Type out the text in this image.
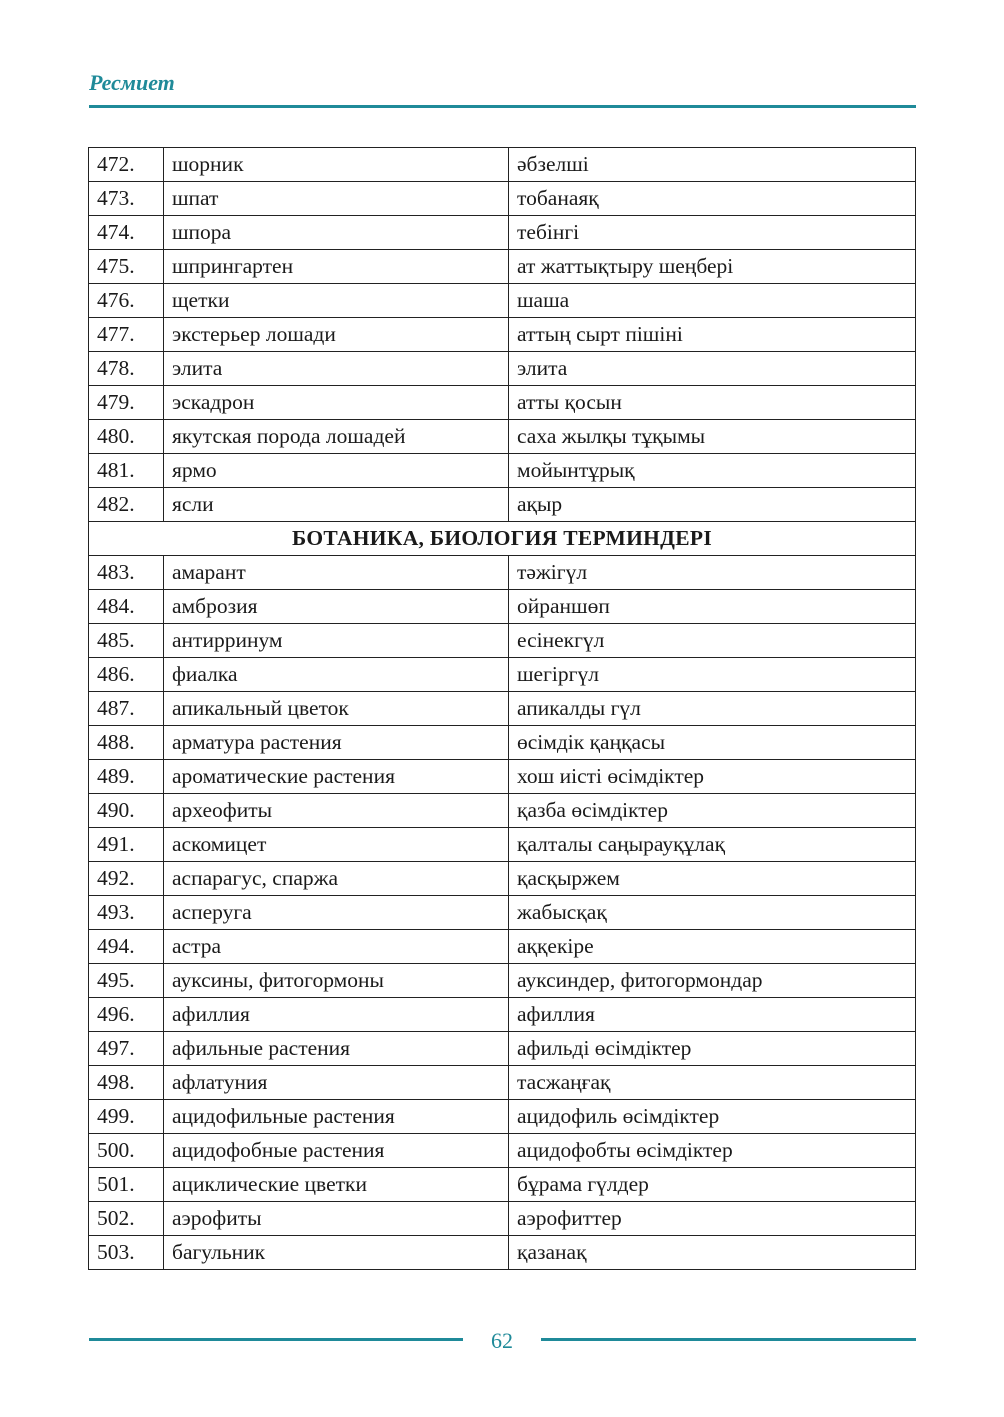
Ресмиет
472.	шорник	әбзелші
473.	шпат	тобанаяқ
474.	шпора	тебінгі
475.	шпрингартен	ат жаттықтыру шеңбері
476.	щетки	шаша
477.	экстерьер лошади	аттың сырт пішіні
478.	элита	элита
479.	эскадрон	атты қосын
480.	якутская порода лошадей	саха жылқы тұқымы
481.	ярмо	мойынтұрық
482.	ясли	ақыр
БОТАНИКА, БИОЛОГИЯ ТЕРМИНДЕРІ		
483.	амарант	тәжігүл
484.	амброзия	ойраншөп
485.	антирринум	есінекгүл
486.	фиалка	шегіргүл
487.	апикальный цветок	апикалды гүл
488.	арматура растения	өсімдік қаңқасы
489.	ароматические растения	хош иісті өсімдіктер
490.	археофиты	қазба өсімдіктер
491.	аскомицет	қалталы саңырауқұлақ
492.	аспарагус, спаржа	қасқыржем
493.	асперуга	жабысқақ
494.	астра	аққекіре
495.	ауксины, фитогормоны	ауксиндер, фитогормондар
496.	афиллия	афиллия
497.	афильные растения	афильді өсімдіктер
498.	афлатуния	тасжаңғақ
499.	ацидофильные растения	ацидофиль өсімдіктер
500.	ацидофобные растения	ацидофобты өсімдіктер
501.	ациклические цветки	бұрама гүлдер
502.	аэрофиты	аэрофиттер
503.	багульник	қазанақ
62
